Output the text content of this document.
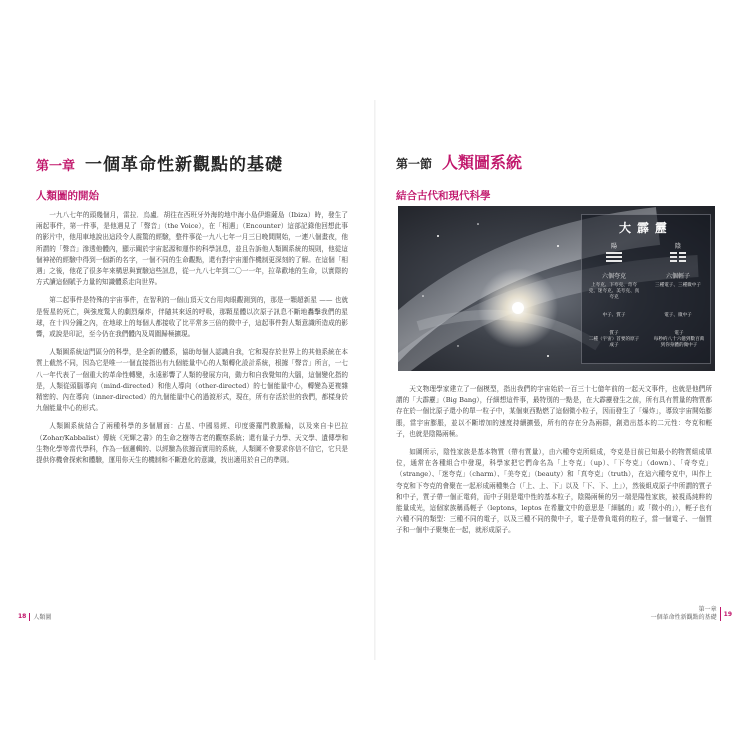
第一章 一個革命性新觀點的基礎
人類圖的開始

一九八七年的頭幾個月，雷拉．烏盧．胡往在西班牙外海的地中海小島伊維薩島（Ibiza）時，發生了兩起事件，第一件事，是他遇見了「聲音」（the Voice），在「相遇」（Encounter）這部記錄他回想此事的影片中，他用車地說出這段令人震驚的經驗，整件事從一九八七年一月三日晚間開始，一連八個畫夜，他所謂的「聲音」滲透他體內，顯示關於宇宙起源和運作的科學訊息，並且告訴他人類圖系統的規則，他從這個神祕的經驗中得到一個新的名字，一個不同的生命觀點，還有對宇宙運作機制更深刻的了解。在這個「相遇」之後，他花了很多年來構思與實驗這些訊息，從一九八七年到二〇一一年，拉韋歡地的生命，以實際的方式讀這個賦予力量的知識體系走向世界。

第二起事件是特殊的宇宙事件，在智利的一個山頂天文台用肉眼觀測到的，那是一顆超新星 —— 也就是恆星的死亡，與強度驚人的劇烈爆炸，伴隨其來返的呼吸，那顆星體以次原子訊息不斷地轟擊我們的星球，在十四分鐘之內，在地球上的每個人都接收了比平常多三倍的微中子，這起事件對人類意識所造成的影響，或說是印記，至今仍在我們體內及周圍歸極擴現。

人類圖系統這門區分的科學，是全新的體系，協助每個人認識自我，它和現存於世界上的其他系統在本質上截然不同，因為它是唯一一個直接指出有九個能量中心的人類轉化設計系統，根據「聲音」所言，一七八一年代表了一個重大的革命性轉變，永遠影響了人類的發展方向，動力和自我覺知的大腦，這個變化指的是，人類從頭腦導向（mind-directed）和他人導向（other-directed）的七個能量中心，轉變為更複雜精密的、內在導向（inner-directed）的九個能量中心的過渡形式，現在，所有存活於世的我們，都樣身於九個能量中心的形式。

人類圖系統結合了兩種科學的多個層面：占星、中國易經、印度婆羅門教脈輪，以及來自卡巴拉（Zohar/Kabbalist）傳統《光輝之書》的生命之樹等古老的觀察系統；還有量子力學、天文學、遺傳學和生物化學等當代學科，作為一個邏輯的、以經驗為依據而實用的系統，人類圖不會要求你信不信它，它只是提供你機會探索和體驗，運用你天生的機制和不斷進化的意識，找出適用於自己的準則。

18 人類圖
第一節 人類圖系統
結合古代和現代科學
大霹靂
陽	陰
六個夸克	六個輕子
上夸克、下夸克、奇夸克、迷夸克、美夸克、真夸克
三種電子、三種微中子
中子、質子	電子、微中子
質子
二種（宇宙）首要的原子成子
電子
每秒約八十六億到數百萬到你身體的微中子

天文物理學家建立了一個模型，指出我們的宇宙始於一百三十七億年前的一起天文事件，也就是他們所謂的「大霹靂」（Big Bang），仔細想這件事，最特別的一點是，在大霹靂發生之前，所有具有質量的物質都存在於一個比原子還小的單一粒子中，某個東西點燃了這個微小粒子，因而發生了「爆炸」，導致宇宙開始膨脹，當宇宙膨脹，並以不斷增加的速度持續擴張，所有的存在分為兩群，創造出基本的二元性：夸克和輕子，也就是陰陽兩極。

如圖所示，陰性家族是基本物質（帶有質量），由六種夸克所組成，夸克是目前已知最小的物質組成單位，通常在各種組合中發現，科學家把它們命名為「上夸克」（up）、「下夸克」（down）、「奇夸克」（strange）、「迷夸克」（charm）、「美夸克」（beauty）和「真夸克」（truth），在這六種夸克中，叫作上夸克和下夸克的會聚在一起形成兩種集合（「上、上、下」以及「下、下、上」），然後組成原子中所謂的質子和中子，質子帶一個正電荷，而中子則是電中性的基本粒子，陰陽兩極的另一端是陽性家族，被視爲純粹的能量成光，這個家族稱爲輕子（leptons，leptos 在希臘文中的意思是「細膩的」或「微小的」），輕子也有六種不同的類型：三種不同的電子，以及三種不同的微中子，電子是帶負電荷的粒子，當一個電子、一個質子和一個中子聚集在一起，就形成原子。

第一章
一個革命性新觀點的基礎 19
